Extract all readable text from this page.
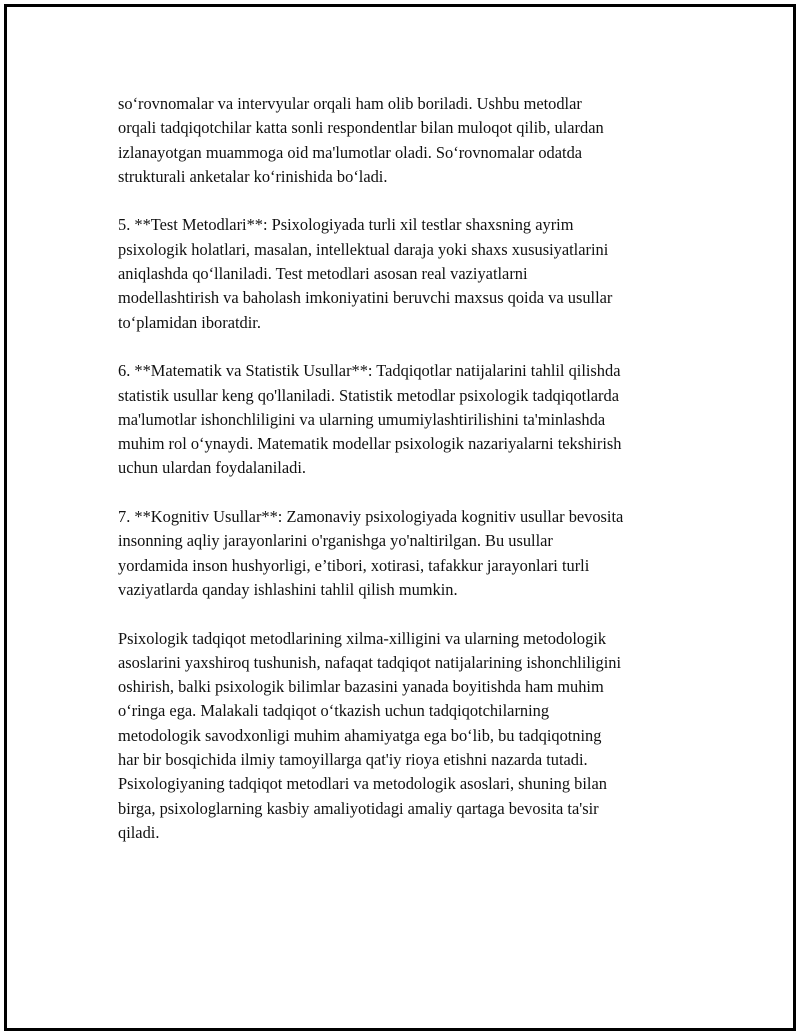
so‘rovnomalar va intervyular orqali ham olib boriladi. Ushbu metodlar
orqali tadqiqotchilar katta sonli respondentlar bilan muloqot qilib, ulardan
izlanayotgan muammoga oid ma'lumotlar oladi. So‘rovnomalar odatda
strukturali anketalar ko‘rinishida bo‘ladi.

5. **Test Metodlari**: Psixologiyada turli xil testlar shaxsning ayrim
psixologik holatlari, masalan, intellektual daraja yoki shaxs xususiyatlarini
aniqlashda qo‘llaniladi. Test metodlari asosan real vaziyatlarni
modellashtirish va baholash imkoniyatini beruvchi maxsus qoida va usullar
to‘plamidan iboratdir.

6. **Matematik va Statistik Usullar**: Tadqiqotlar natijalarini tahlil qilishda
statistik usullar keng qo'llaniladi. Statistik metodlar psixologik tadqiqotlarda
ma'lumotlar ishonchliligini va ularning umumiylashtirilishini ta'minlashda
muhim rol o‘ynaydi. Matematik modellar psixologik nazariyalarni tekshirish
uchun ulardan foydalaniladi.

7. **Kognitiv Usullar**: Zamonaviy psixologiyada kognitiv usullar bevosita
insonning aqliy jarayonlarini o'rganishga yo'naltirilgan. Bu usullar
yordamida inson hushyorligi, e’tibori, xotirasi, tafakkur jarayonlari turli
vaziyatlarda qanday ishlashini tahlil qilish mumkin.

Psixologik tadqiqot metodlarining xilma-xilligini va ularning metodologik
asoslarini yaxshiroq tushunish, nafaqat tadqiqot natijalarining ishonchliligini
oshirish, balki psixologik bilimlar bazasini yanada boyitishda ham muhim
o‘ringa ega. Malakali tadqiqot o‘tkazish uchun tadqiqotchilarning
metodologik savodxonligi muhim ahamiyatga ega bo‘lib, bu tadqiqotning
har bir bosqichida ilmiy tamoyillarga qat'iy rioya etishni nazarda tutadi.
Psixologiyaning tadqiqot metodlari va metodologik asoslari, shuning bilan
birga, psixologlarning kasbiy amaliyotidagi amaliy qartaga bevosita ta'sir
qiladi.
